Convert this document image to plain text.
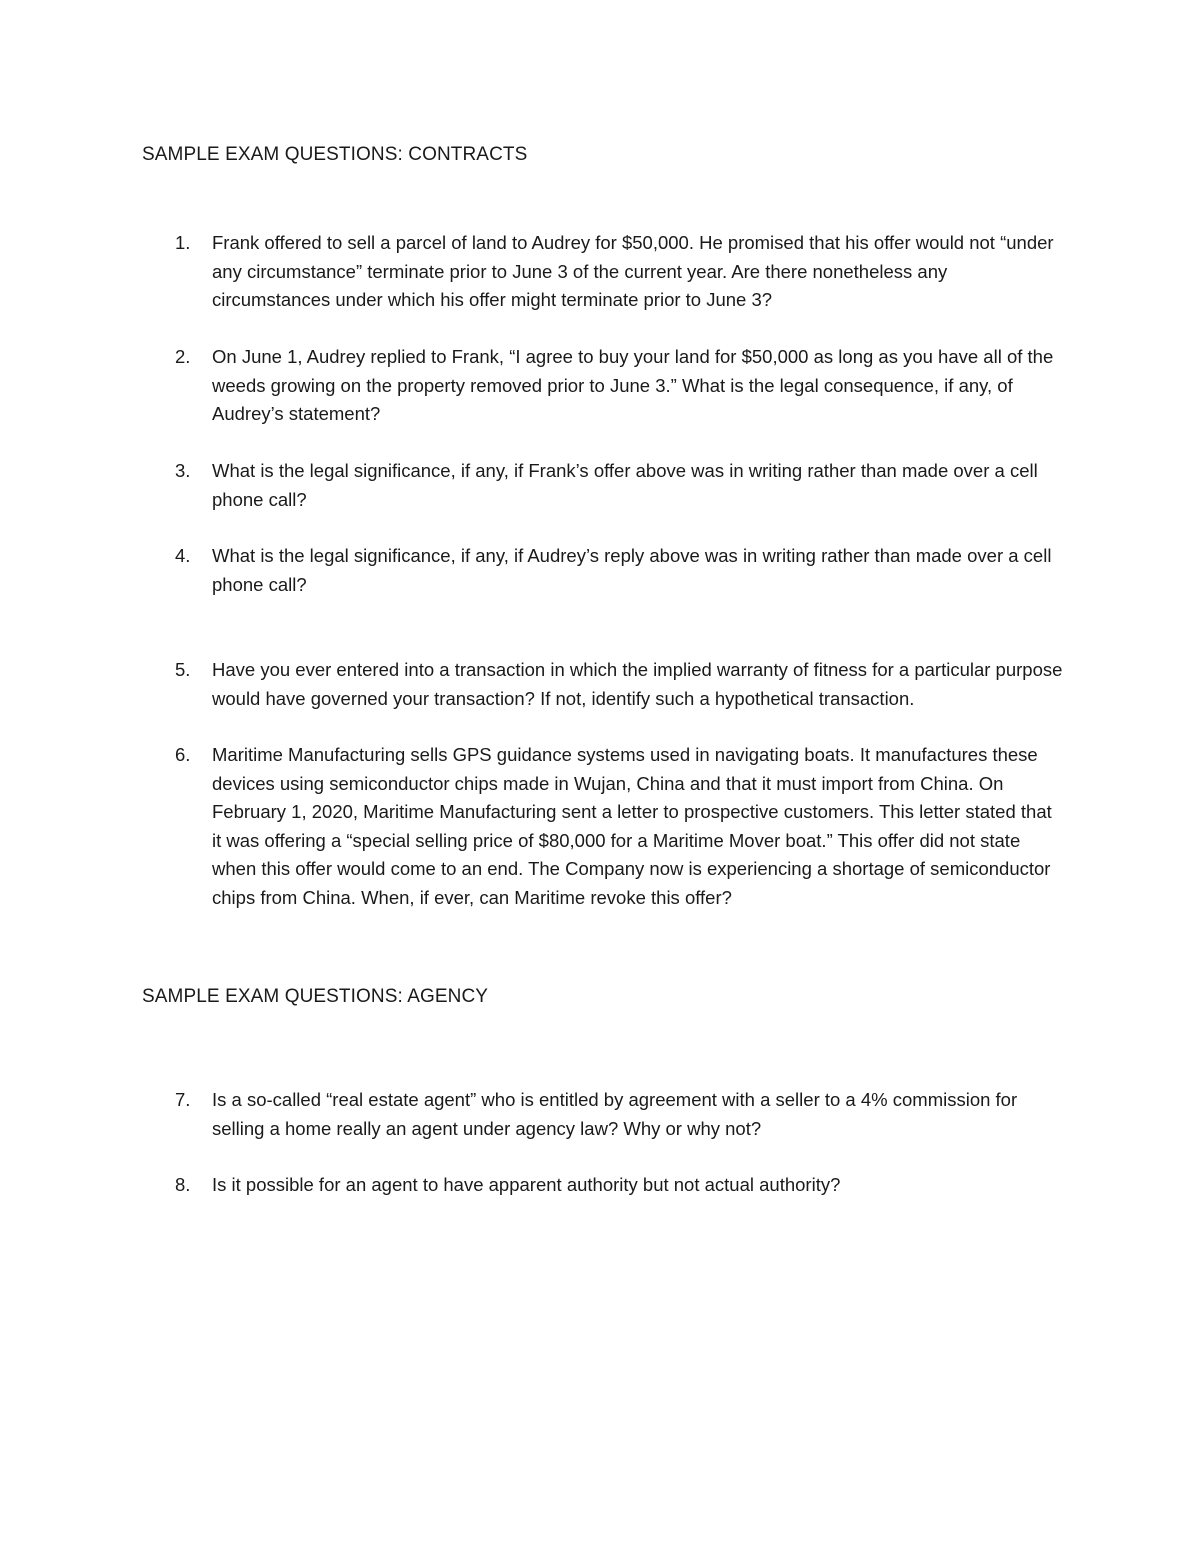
SAMPLE EXAM QUESTIONS: CONTRACTS
1. Frank offered to sell a parcel of land to Audrey for $50,000. He promised that his offer would not “under any circumstance” terminate prior to June 3 of the current year. Are there nonetheless any circumstances under which his offer might terminate prior to June 3?

2. On June 1, Audrey replied to Frank, “I agree to buy your land for $50,000 as long as you have all of the weeds growing on the property removed prior to June 3.” What is the legal consequence, if any, of Audrey’s statement?

3. What is the legal significance, if any, if Frank’s offer above was in writing rather than made over a cell phone call?

4. What is the legal significance, if any, if Audrey’s reply above was in writing rather than made over a cell phone call?

5. Have you ever entered into a transaction in which the implied warranty of fitness for a particular purpose would have governed your transaction? If not, identify such a hypothetical transaction.

6. Maritime Manufacturing sells GPS guidance systems used in navigating boats. It manufactures these devices using semiconductor chips made in Wujan, China and that it must import from China. On February 1, 2020, Maritime Manufacturing sent a letter to prospective customers. This letter stated that it was offering a “special selling price of $80,000 for a Maritime Mover boat.” This offer did not state when this offer would come to an end. The Company now is experiencing a shortage of semiconductor chips from China. When, if ever, can Maritime revoke this offer?

SAMPLE EXAM QUESTIONS: AGENCY
7. Is a so-called “real estate agent” who is entitled by agreement with a seller to a 4% commission for selling a home really an agent under agency law? Why or why not?

8. Is it possible for an agent to have apparent authority but not actual authority?
